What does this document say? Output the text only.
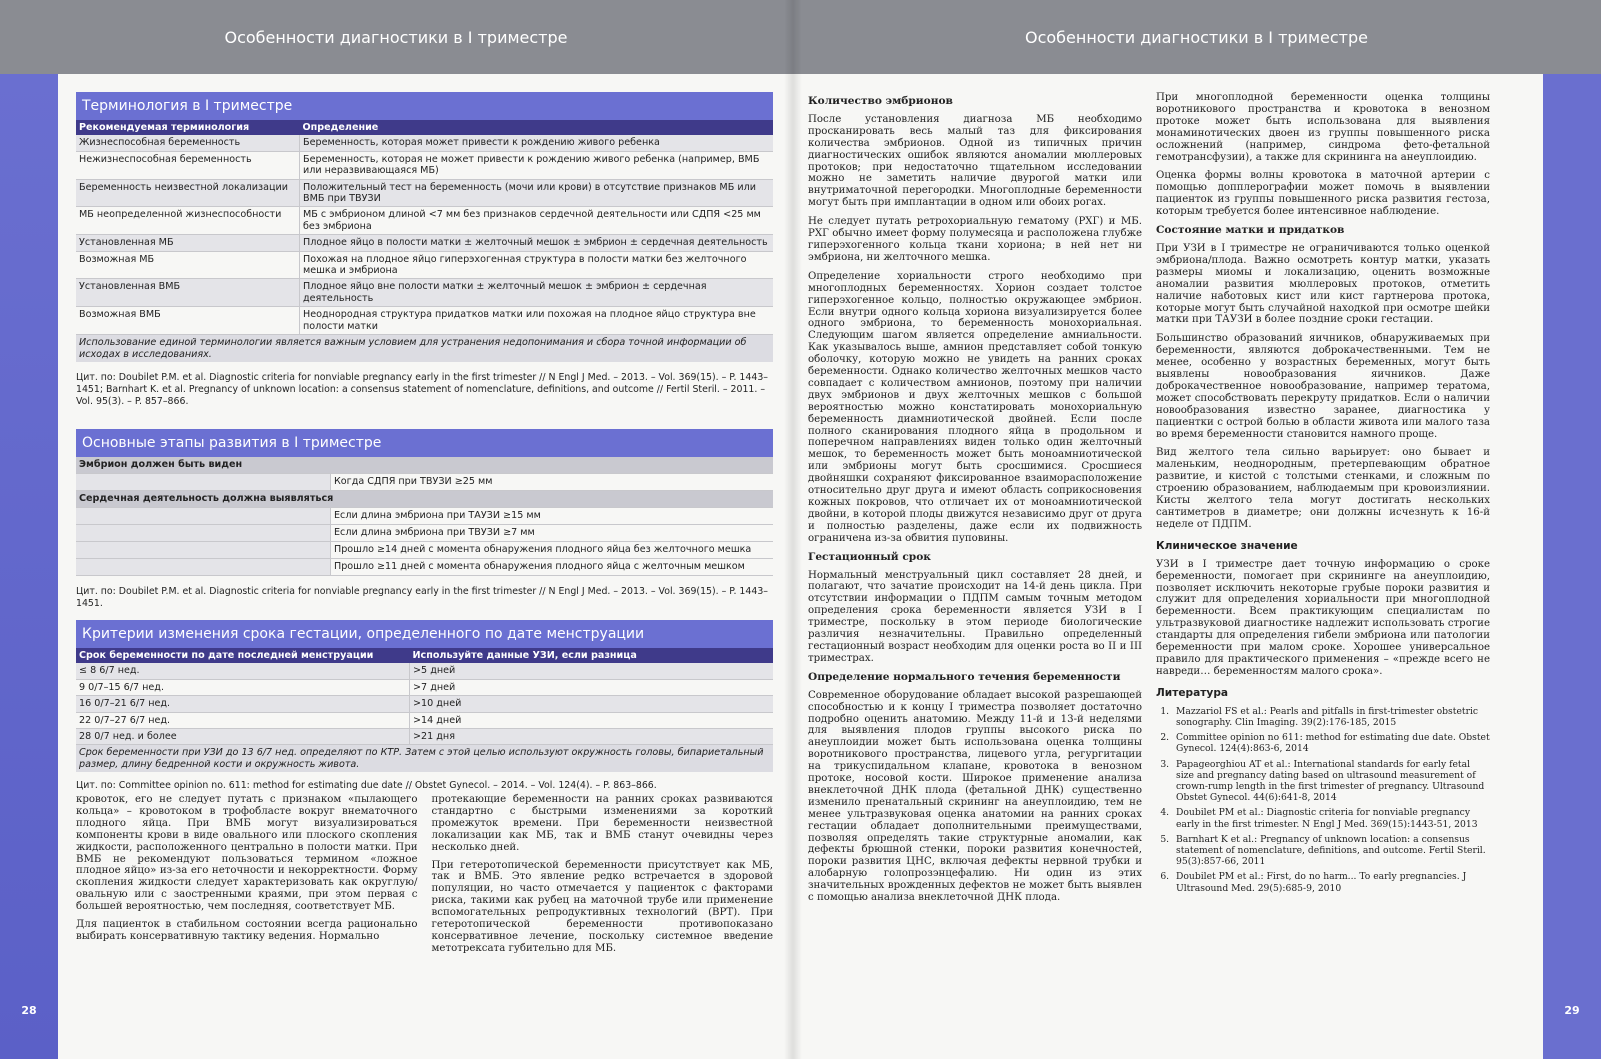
Особенности диагностики в I триместре
28
Терминология в I триместре
Рекомендуемая терминология	Определение
Жизнеспособная беременность	Беременность, которая может привести к рождению живого ребенка
Нежизнеспособная беременность	Беременность, которая не может привести к рождению живого ребенка (например, ВМБ или неразвивающаяся МБ)
Беременность неизвестной локализации	Положительный тест на беременность (мочи или крови) в отсутствие признаков МБ или ВМБ при ТВУЗИ
МБ неопределенной жизнеспособности	МБ с эмбрионом длиной <7 мм без признаков сердечной деятельности или СДПЯ <25 мм без эмбриона
Установленная МБ	Плодное яйцо в полости матки ± желточный мешок ± эмбрион ± сердечная деятельность
Возможная МБ	Похожая на плодное яйцо гиперэхогенная структура в полости матки без желточного мешка и эмбриона
Установленная ВМБ	Плодное яйцо вне полости матки ± желточный мешок ± эмбрион ± сердечная деятельность
Возможная ВМБ	Неоднородная структура придатков матки или похожая на плодное яйцо структура вне полости матки
Использование единой терминологии является важным условием для устранения недопонимания и сбора точной информации об исходах в исследованиях.
Цит. по: Doubilet P.M. et al. Diagnostic criteria for nonviable pregnancy early in the first trimester // N Engl J Med. – 2013. – Vol. 369(15). – P. 1443–1451; Barnhart K. et al. Pregnancy of unknown location: a consensus statement of nomenclature, definitions, and outcome // Fertil Steril. – 2011. – Vol. 95(3). – P. 857–866.
Основные этапы развития в I триместре
Эмбрион должен быть виден	
	Когда СДПЯ при ТВУЗИ ≥25 мм
Сердечная деятельность должна выявляться	
	Если длина эмбриона при ТАУЗИ ≥15 мм
	Если длина эмбриона при ТВУЗИ ≥7 мм
	Прошло ≥14 дней с момента обнаружения плодного яйца без желточного мешка
	Прошло ≥11 дней с момента обнаружения плодного яйца с желточным мешком
Цит. по: Doubilet P.M. et al. Diagnostic criteria for nonviable pregnancy early in the first trimester // N Engl J Med. – 2013. – Vol. 369(15). – P. 1443–1451.
Критерии изменения срока гестации, определенного по дате менструации
Срок беременности по дате последней менструации	Используйте данные УЗИ, если разница
≤ 8 6/7 нед.	>5 дней
9 0/7–15 6/7 нед.	>7 дней
16 0/7–21 6/7 нед.	>10 дней
22 0/7–27 6/7 нед.	>14 дней
28 0/7 нед. и более	>21 дня
Срок беременности при УЗИ до 13 6/7 нед. определяют по КТР. Затем с этой целью используют окружность головы, бипариетальный размер, длину бедренной кости и окружность живота.
Цит. по: Committee opinion no. 611: method for estimating due date // Obstet Gynecol. – 2014. – Vol. 124(4). – P. 863–866.

кровоток, его не следует путать с признаком «пылающего кольца» – кровотоком в трофобласте вокруг внематочного плодного яйца. При ВМБ могут визуализироваться компоненты крови в виде овального или плоского скопления жидкости, расположенного центрально в полости матки. При ВМБ не рекомендуют пользоваться термином «ложное плодное яйцо» из-за его неточности и некорректности. Форму скопления жидкости следует характеризовать как округлую/овальную или с заостренными краями, при этом первая с большей вероятностью, чем последняя, соответствует МБ.

Для пациенток в стабильном состоянии всегда рационально выбирать консервативную тактику ведения. Нормально

протекающие беременности на ранних сроках развиваются стандартно с быстрыми изменениями за короткий промежуток времени. При беременности неизвестной локализации как МБ, так и ВМБ станут очевидны через несколько дней.

При гетеротопической беременности присутствует как МБ, так и ВМБ. Это явление редко встречается в здоровой популяции, но часто отмечается у пациенток с факторами риска, такими как рубец на маточной трубе или применение вспомогательных репродуктивных технологий (ВРТ). При гетеротопической беременности противопоказано консервативное лечение, поскольку системное введение метотрексата губительно для МБ.

Особенности диагностики в I триместре
29
Количество эмбрионов

После установления диагноза МБ необходимо просканировать весь малый таз для фиксирования количества эмбрионов. Одной из типичных причин диагностических ошибок являются аномалии мюллеровых протоков; при недостаточно тщательном исследовании можно не заметить наличие двурогой матки или внутриматочной перегородки. Многоплодные беременности могут быть при имплантации в одном или обоих рогах.

Не следует путать ретрохориальную гематому (РХГ) и МБ. РХГ обычно имеет форму полумесяца и расположена глубже гиперэхогенного кольца ткани хориона; в ней нет ни эмбриона, ни желточного мешка.

Определение хориальности строго необходимо при многоплодных беременностях. Хорион создает толстое гиперэхогенное кольцо, полностью окружающее эмбрион. Если внутри одного кольца хориона визуализируется более одного эмбриона, то беременность монохориальная. Следующим шагом является определение амниальности. Как указывалось выше, амнион представляет собой тонкую оболочку, которую можно не увидеть на ранних сроках беременности. Однако количество желточных мешков часто совпадает с количеством амнионов, поэтому при наличии двух эмбрионов и двух желточных мешков с большой вероятностью можно констатировать монохориальную беременность диамниотической двойней. Если после полного сканирования плодного яйца в продольном и поперечном направлениях виден только один желточный мешок, то беременность может быть моноамниотической или эмбрионы могут быть сросшимися. Сросшиеся двойняшки сохраняют фиксированное взаиморасположение относительно друг друга и имеют область соприкосновения кожных покровов, что отличает их от моноамниотической двойни, в которой плоды движутся независимо друг от друга и полностью разделены, даже если их подвижность ограничена из-за обвития пуповины.

Гестационный срок

Нормальный менструальный цикл составляет 28 дней, и полагают, что зачатие происходит на 14-й день цикла. При отсутствии информации о ПДПМ самым точным методом определения срока беременности является УЗИ в I триместре, поскольку в этом периоде биологические различия незначительны. Правильно определенный гестационный возраст необходим для оценки роста во II и III триместрах.

Определение нормального течения беременности

Современное оборудование обладает высокой разрешающей способностью и к концу I триместра позволяет достаточно подробно оценить анатомию. Между 11-й и 13-й неделями для выявления плодов группы высокого риска по анеуплоидии может быть использована оценка толщины воротникового пространства, лицевого угла, регургитации на трикуспидальном клапане, кровотока в венозном протоке, носовой кости. Широкое применение анализа внеклеточной ДНК плода (фетальной ДНК) существенно изменило пренатальный скрининг на анеуплоидию, тем не менее ультразвуковая оценка анатомии на ранних сроках гестации обладает дополнительными преимуществами, позволяя определять такие структурные аномалии, как дефекты брюшной стенки, пороки развития конечностей, пороки развития ЦНС, включая дефекты нервной трубки и алобарную голопрозэнцефалию. Ни один из этих значительных врожденных дефектов не может быть выявлен с помощью анализа внеклеточной ДНК плода.

При многоплодной беременности оценка толщины воротникового пространства и кровотока в венозном протоке может быть использована для выявления монаминотических двоен из группы повышенного риска осложнений (например, синдрома фето-фетальной гемотрансфузии), а также для скрининга на анеуплоидию.

Оценка формы волны кровотока в маточной артерии с помощью допплерографии может помочь в выявлении пациенток из группы повышенного риска развития гестоза, которым требуется более интенсивное наблюдение.

Состояние матки и придатков

При УЗИ в I триместре не ограничиваются только оценкой эмбриона/плода. Важно осмотреть контур матки, указать размеры миомы и локализацию, оценить возможные аномалии развития мюллеровых протоков, отметить наличие наботовых кист или кист гартнерова протока, которые могут быть случайной находкой при осмотре шейки матки при ТАУЗИ в более поздние сроки гестации.

Большинство образований яичников, обнаруживаемых при беременности, являются доброкачественными. Тем не менее, особенно у возрастных беременных, могут быть выявлены новообразования яичников. Даже доброкачественное новообразование, например тератома, может способствовать перекруту придатков. Если о наличии новообразования известно заранее, диагностика у пациентки с острой болью в области живота или малого таза во время беременности становится намного проще.

Вид желтого тела сильно варьирует: оно бывает и маленьким, неоднородным, претерпевающим обратное развитие, и кистой с толстыми стенками, и сложным по строению образованием, наблюдаемым при кровоизлиянии. Кисты желтого тела могут достигать нескольких сантиметров в диаметре; они должны исчезнуть к 16-й неделе от ПДПМ.

Клиническое значение

УЗИ в I триместре дает точную информацию о сроке беременности, помогает при скрининге на анеуплоидию, позволяет исключить некоторые грубые пороки развития и служит для определения хориальности при многоплодной беременности. Всем практикующим специалистам по ультразвуковой диагностике надлежит использовать строгие стандарты для определения гибели эмбриона или патологии беременности при малом сроке. Хорошее универсальное правило для практического применения – «прежде всего не навреди… беременностям малого срока».

Литература
1. Mazzariol FS et al.: Pearls and pitfalls in first-trimester obstetric sonography. Clin Imaging. 39(2):176-185, 2015
2. Committee opinion no 611: method for estimating due date. Obstet Gynecol. 124(4):863-6, 2014
3. Papageorghiou AT et al.: International standards for early fetal size and pregnancy dating based on ultrasound measurement of crown-rump length in the first trimester of pregnancy. Ultrasound Obstet Gynecol. 44(6):641-8, 2014
4. Doubilet PM et al.: Diagnostic criteria for nonviable pregnancy early in the first trimester. N Engl J Med. 369(15):1443-51, 2013
5. Barnhart K et al.: Pregnancy of unknown location: a consensus statement of nomenclature, definitions, and outcome. Fertil Steril. 95(3):857-66, 2011
6. Doubilet PM et al.: First, do no harm... To early pregnancies. J Ultrasound Med. 29(5):685-9, 2010
